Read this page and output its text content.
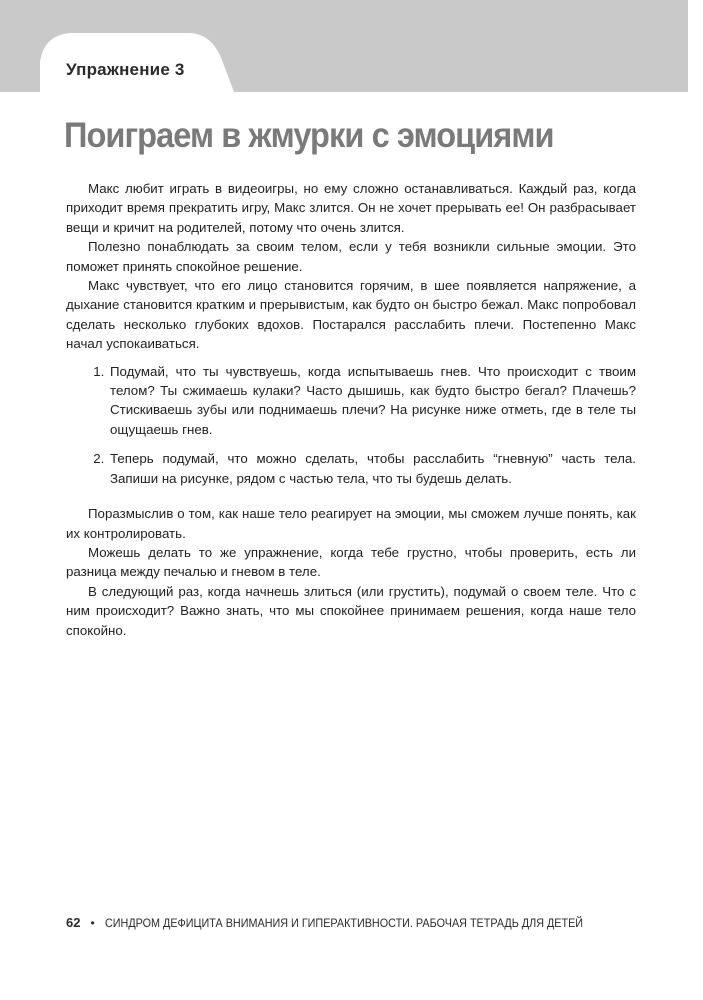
Упражнение 3
Поиграем в жмурки с эмоциями

Макс любит играть в видеоигры, но ему сложно останавливаться. Каждый раз, когда приходит время прекратить игру, Макс злится. Он не хочет прерывать ее! Он разбрасывает вещи и кричит на родителей, потому что очень злится.

Полезно понаблюдать за своим телом, если у тебя возникли сильные эмоции. Это поможет принять спокойное решение.

Макс чувствует, что его лицо становится горячим, в шее появляется напряжение, а дыхание становится кратким и прерывистым, как будто он быстро бежал. Макс попробовал сделать несколько глубоких вдохов. Постарался расслабить плечи. Постепенно Макс начал успокаиваться.

1. Подумай, что ты чувствуешь, когда испытываешь гнев. Что происходит с твоим телом? Ты сжимаешь кулаки? Часто дышишь, как будто быстро бегал? Плачешь? Стискиваешь зубы или поднимаешь плечи? На рисунке ниже отметь, где в теле ты ощущаешь гнев.
2. Теперь подумай, что можно сделать, чтобы расслабить “гневную” часть тела. Запиши на рисунке, рядом с частью тела, что ты будешь делать.

Поразмыслив о том, как наше тело реагирует на эмоции, мы сможем лучше понять, как их контролировать.

Можешь делать то же упражнение, когда тебе грустно, чтобы проверить, есть ли разница между печалью и гневом в теле.

В следующий раз, когда начнешь злиться (или грустить), подумай о своем теле. Что с ним происходит? Важно знать, что мы спокойнее принимаем решения, когда наше тело спокойно.

62 • СИНДРОМ ДЕФИЦИТА ВНИМАНИЯ И ГИПЕРАКТИВНОСТИ. РАБОЧАЯ ТЕТРАДЬ ДЛЯ ДЕТЕЙ
